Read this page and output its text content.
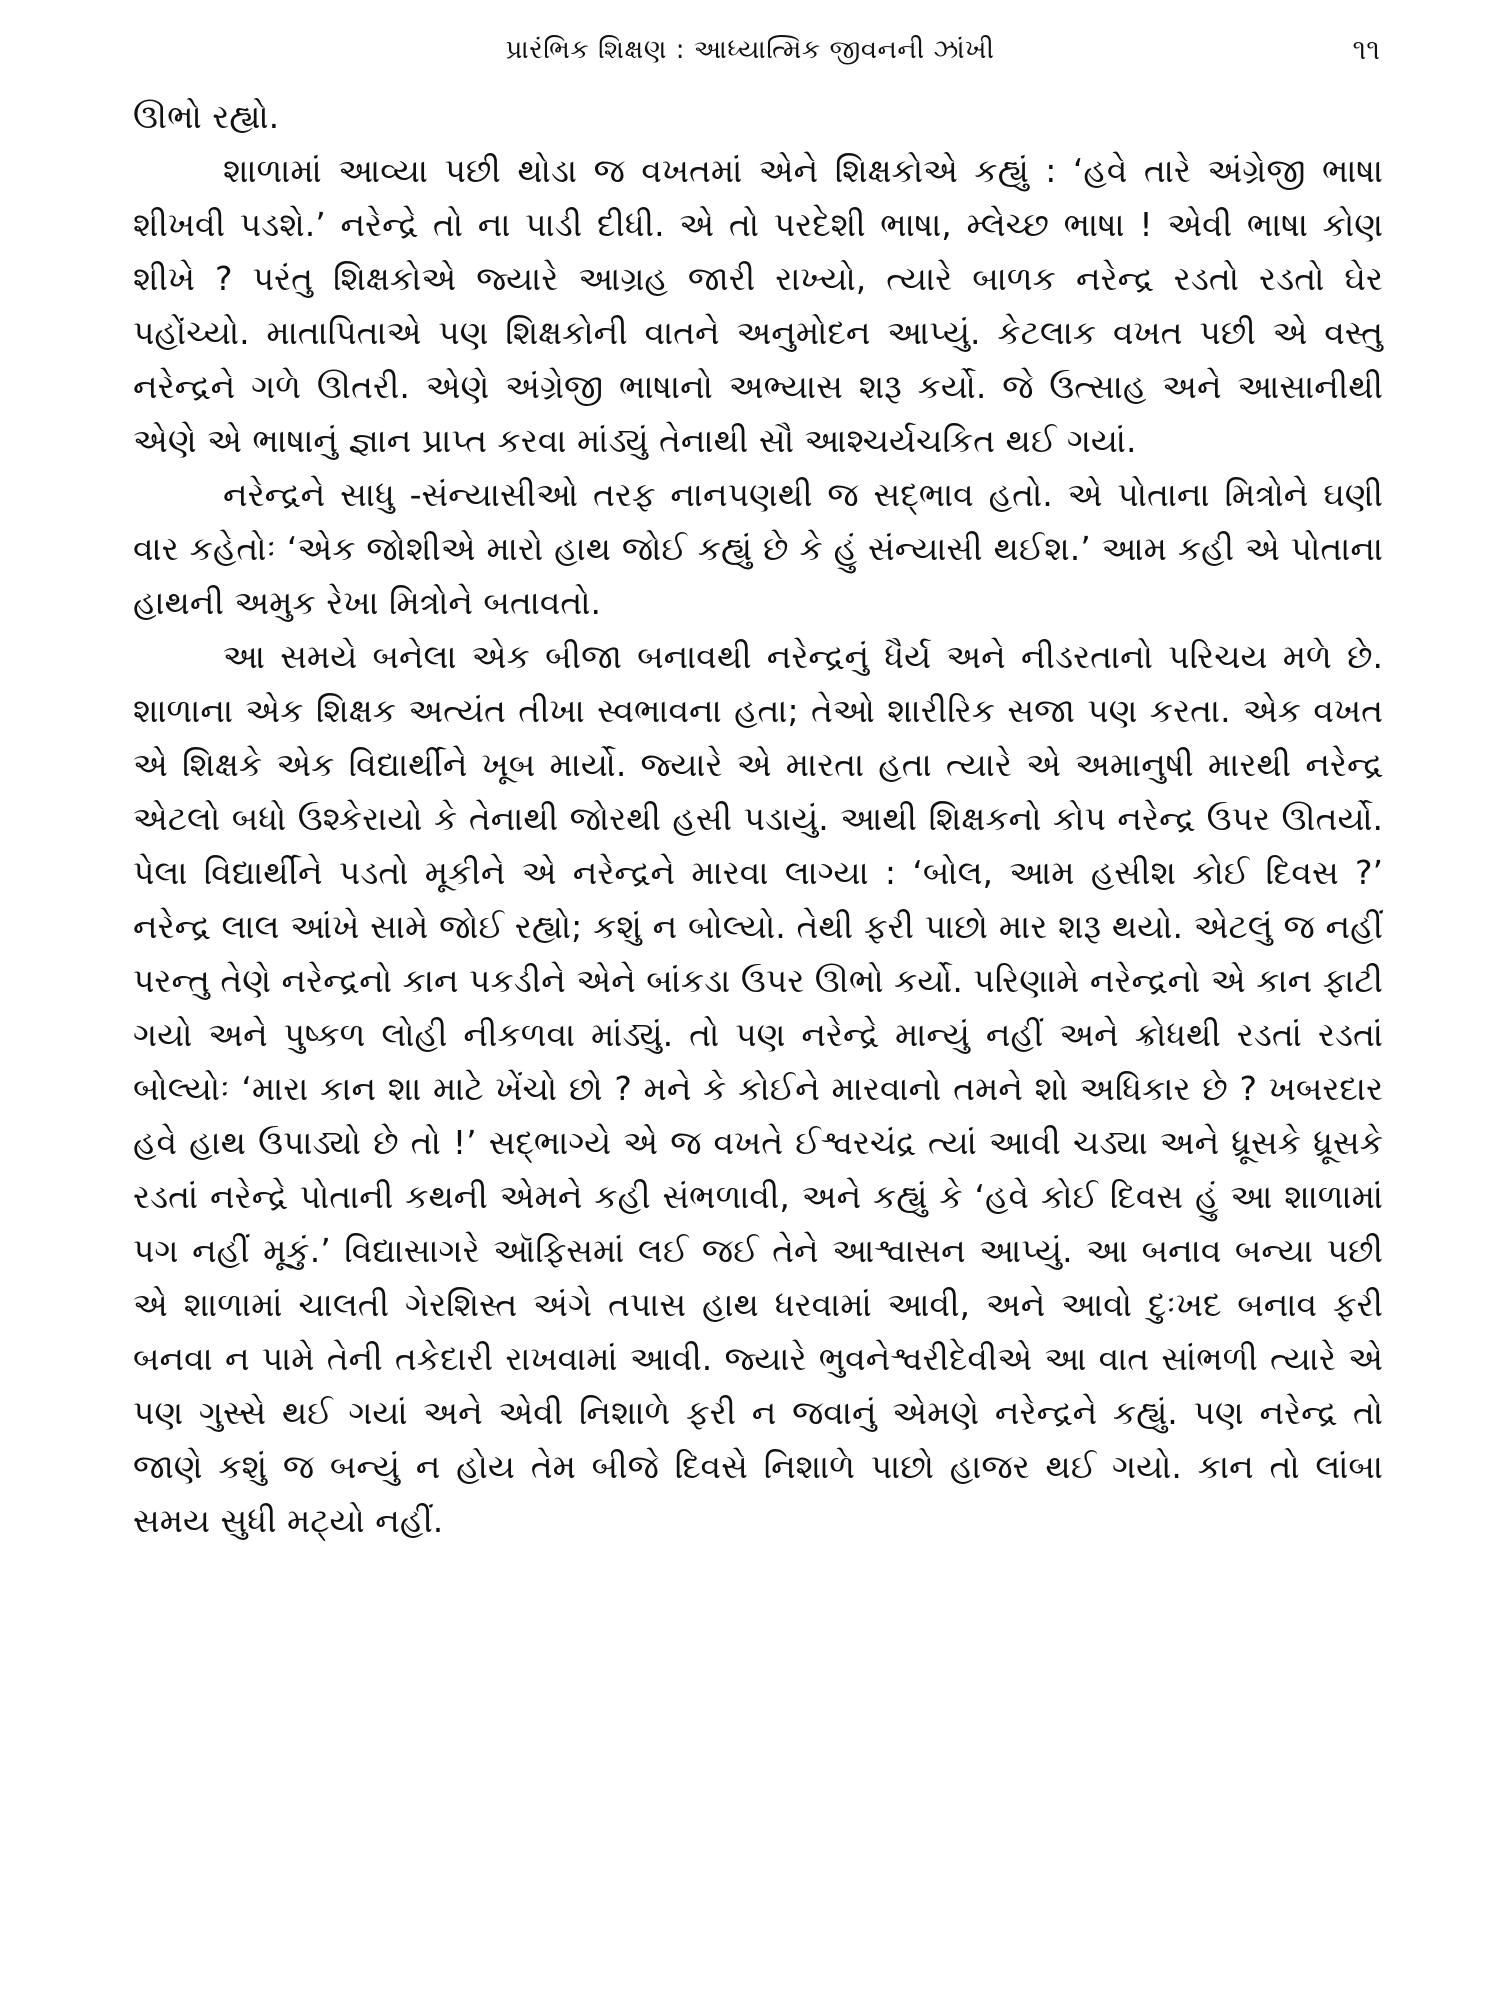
પ્રારંભિક શિક્ષણ : આધ્યાત્મિક જીવનની ઝાંખી	૧૧

ઊભો રહ્યો.

શાળામાં આવ્યા પછી થોડા જ વખતમાં એને શિક્ષકોએ કહ્યું : ‘હવે તારે અંગ્રેજી ભાષા શીખવી પડશે.’ નરેન્દ્રે તો ના પાડી દીધી. એ તો પરદેશી ભાષા, મ્લેચ્છ ભાષા ! એવી ભાષા કોણ શીખે ? પરંતુ શિક્ષકોએ જ્યારે આગ્રહ જારી રાખ્યો, ત્યારે બાળક નરેન્દ્ર રડતો રડતો ઘેર પહોંચ્યો. માતાપિતાએ પણ શિક્ષકોની વાતને અનુમોદન આપ્યું. કેટલાક વખત પછી એ વસ્તુ નરેન્દ્રને ગળે ઊતરી. એણે અંગ્રેજી ભાષાનો અભ્યાસ શરૂ કર્યો. જે ઉત્સાહ અને આસાનીથી એણે એ ભાષાનું જ્ઞાન પ્રાપ્ત કરવા માંડ્યું તેનાથી સૌ આશ્ચર્યચકિત થઈ ગયાં.

નરેન્દ્રને સાધુ -સંન્યાસીઓ તરફ નાનપણથી જ સદ્‌ભાવ હતો. એ પોતાના મિત્રોને ઘણી વાર કહેતોઃ ‘એક જોશીએ મારો હાથ જોઈ કહ્યું છે કે હું સંન્યાસી થઈશ.’ આમ કહી એ પોતાના હાથની અમુક રેખા મિત્રોને બતાવતો.

આ સમયે બનેલા એક બીજા બનાવથી નરેન્દ્રનું ધૈર્ય અને નીડરતાનો પરિચય મળે છે. શાળાના એક શિક્ષક અત્યંત તીખા સ્વભાવના હતા; તેઓ શારીરિક સજા પણ કરતા. એક વખત એ શિક્ષકે એક વિદ્યાર્થીને ખૂબ માર્યો. જ્યારે એ મારતા હતા ત્યારે એ અમાનુષી મારથી નરેન્દ્ર એટલો બધો ઉશ્કેરાયો કે તેનાથી જોરથી હસી પડાયું. આથી શિક્ષકનો કોપ નરેન્દ્ર ઉપર ઊતર્યો. પેલા વિદ્યાર્થીને પડતો મૂકીને એ નરેન્દ્રને મારવા લાગ્યા : ‘બોલ, આમ હસીશ કોઈ દિવસ ?’ નરેન્દ્ર લાલ આંખે સામે જોઈ રહ્યો; કશું ન બોલ્યો. તેથી ફરી પાછો માર શરૂ થયો. એટલું જ નહીં પરન્તુ તેણે નરેન્દ્રનો કાન પકડીને એને બાંકડા ઉપર ઊભો કર્યો. પરિણામે નરેન્દ્રનો એ કાન ફાટી ગયો અને પુષ્કળ લોહી નીકળવા માંડ્યું. તો પણ નરેન્દ્રે માન્યું નહીં અને ક્રોધથી રડતાં રડતાં બોલ્યોઃ ‘મારા કાન શા માટે ખેંચો છો ? મને કે કોઈને મારવાનો તમને શો અધિકાર છે ? ખબરદાર હવે હાથ ઉપાડ્યો છે તો !’ સદ્‌ભાગ્યે એ જ વખતે ઈશ્વરચંદ્ર ત્યાં આવી ચડ્યા અને ધ્રૂસકે ધ્રૂસકે રડતાં નરેન્દ્રે પોતાની કથની એમને કહી સંભળાવી, અને કહ્યું કે ‘હવે કોઈ દિવસ હું આ શાળામાં પગ નહીં મૂકું.’ વિદ્યાસાગરે ઑફિસમાં લઈ જઈ તેને આશ્વાસન આપ્યું. આ બનાવ બન્યા પછી એ શાળામાં ચાલતી ગેરશિસ્ત અંગે તપાસ હાથ ધરવામાં આવી, અને આવો દુઃખદ બનાવ ફરી બનવા ન પામે તેની તકેદારી રાખવામાં આવી. જ્યારે ભુવનેશ્વરીદેવીએ આ વાત સાંભળી ત્યારે એ પણ ગુસ્સે થઈ ગયાં અને એવી નિશાળે ફરી ન જવાનું એમણે નરેન્દ્રને કહ્યું. પણ નરેન્દ્ર તો જાણે કશું જ બન્યું ન હોય તેમ બીજે દિવસે નિશાળે પાછો હાજર થઈ ગયો. કાન તો લાંબા સમય સુધી મટ્યો નહીં.
